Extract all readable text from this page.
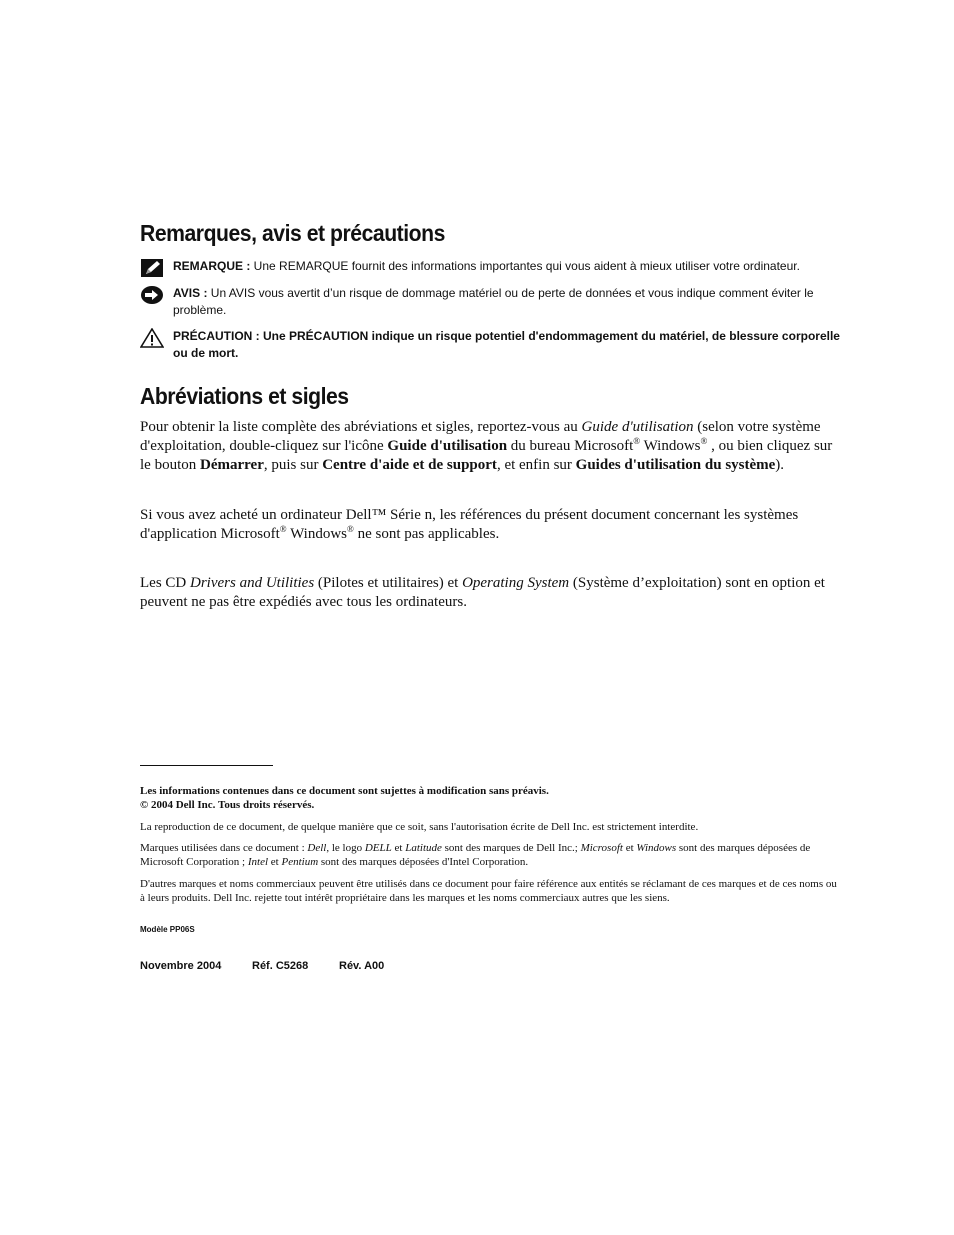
Remarques, avis et précautions
REMARQUE : Une REMARQUE fournit des informations importantes qui vous aident à mieux utiliser votre ordinateur.
AVIS : Un AVIS vous avertit d’un risque de dommage matériel ou de perte de données et vous indique comment éviter le problème.
PRÉCAUTION : Une PRÉCAUTION indique un risque potentiel d'endommagement du matériel, de blessure corporelle ou de mort.
Abréviations et sigles
Pour obtenir la liste complète des abréviations et sigles, reportez-vous au Guide d'utilisation (selon votre système d'exploitation, double-cliquez sur l'icône Guide d'utilisation du bureau Microsoft® Windows® , ou bien cliquez sur le bouton Démarrer, puis sur Centre d'aide et de support, et enfin sur Guides d'utilisation du système).
Si vous avez acheté un ordinateur Dell™ Série n, les références du présent document concernant les systèmes d'application Microsoft® Windows® ne sont pas applicables.
Les CD Drivers and Utilities (Pilotes et utilitaires) et Operating System (Système d’exploitation) sont en option et peuvent ne pas être expédiés avec tous les ordinateurs.
Les informations contenues dans ce document sont sujettes à modification sans préavis.
© 2004 Dell Inc. Tous droits réservés.
La reproduction de ce document, de quelque manière que ce soit, sans l'autorisation écrite de Dell Inc. est strictement interdite.
Marques utilisées dans ce document : Dell, le logo DELL et Latitude sont des marques de Dell Inc.; Microsoft et Windows sont des marques déposées de Microsoft Corporation ; Intel et Pentium sont des marques déposées d'Intel Corporation.
D'autres marques et noms commerciaux peuvent être utilisés dans ce document pour faire référence aux entités se réclamant de ces marques et de ces noms ou à leurs produits. Dell Inc. rejette tout intérêt propriétaire dans les marques et les noms commerciaux autres que les siens.
Modèle PP06S
Novembre 2004	Réf. C5268	Rév. A00
